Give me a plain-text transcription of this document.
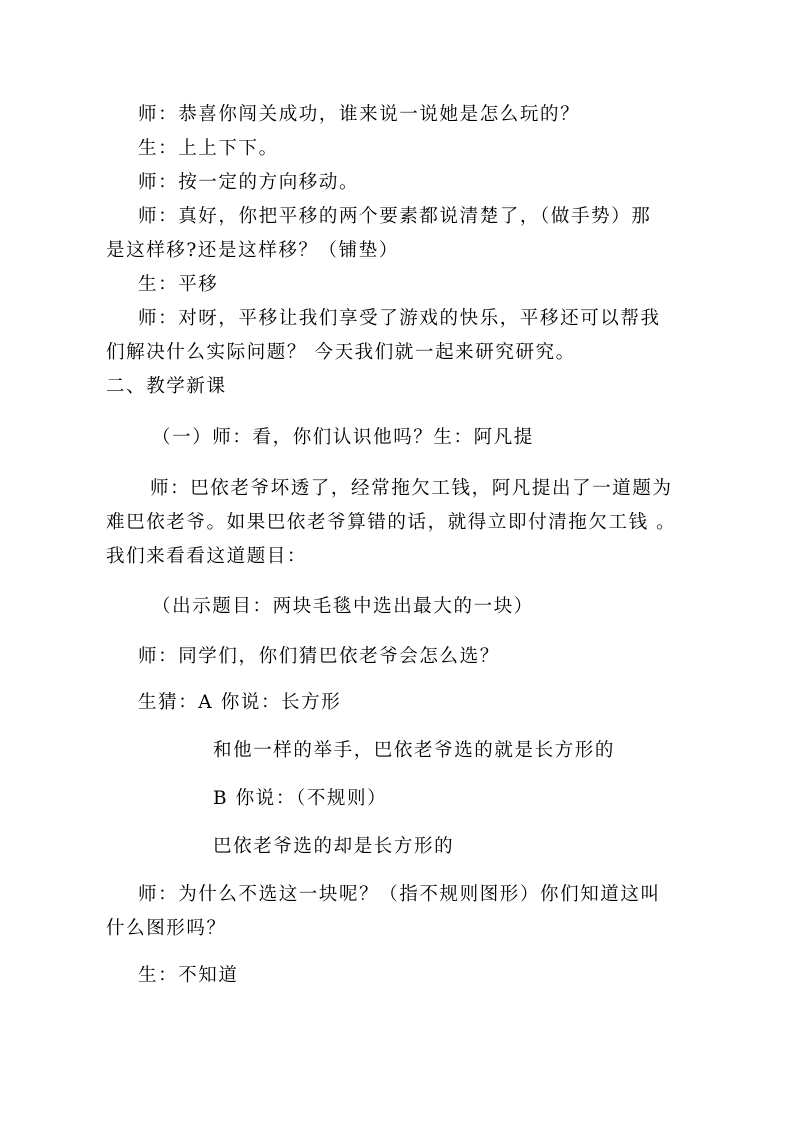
师：恭喜你闯关成功，谁来说一说她是怎么玩的？
生：上上下下。
师：按一定的方向移动。
师：真好，你把平移的两个要素都说清楚了，（做手势）那
是这样移?还是这样移？（铺垫）
生：平移
师：对呀，平移让我们享受了游戏的快乐，平移还可以帮我
们解决什么实际问题？ 今天我们就一起来研究研究。
二、教学新课
（一）师：看，你们认识他吗？生：阿凡提
师：巴依老爷坏透了，经常拖欠工钱，阿凡提出了一道题为
难巴依老爷。如果巴依老爷算错的话，就得立即付清拖欠工钱 。
我们来看看这道题目：
（出示题目：两块毛毯中选出最大的一块）
师：同学们，你们猜巴依老爷会怎么选？
生猜：A 你说：长方形
和他一样的举手，巴依老爷选的就是长方形的
B 你说：（不规则）
巴依老爷选的却是长方形的
师：为什么不选这一块呢？（指不规则图形）你们知道这叫
什么图形吗？
生：不知道
